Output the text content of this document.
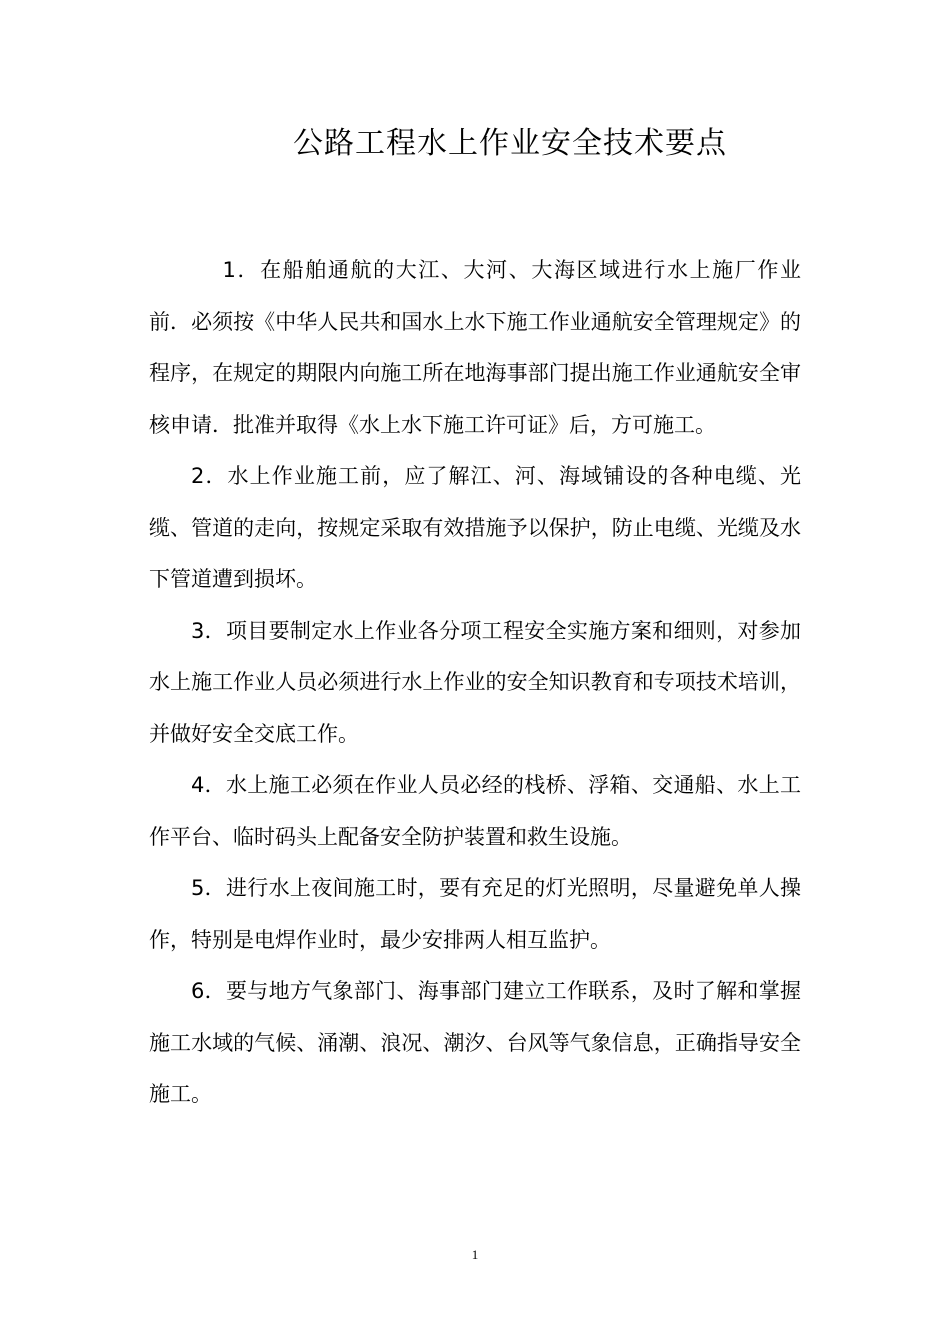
公路工程水上作业安全技术要点

1．在船舶通航的大江、大河、大海区域进行水上施厂作业前．必须按《中华人民共和国水上水下施工作业通航安全管理规定》的程序，在规定的期限内向施工所在地海事部门提出施工作业通航安全审核申请．批准并取得《水上水下施工许可证》后，方可施工。

2．水上作业施工前，应了解江、河、海域铺设的各种电缆、光缆、管道的走向，按规定采取有效措施予以保护，防止电缆、光缆及水下管道遭到损坏。

3．项目要制定水上作业各分项工程安全实施方案和细则，对参加水上施工作业人员必须进行水上作业的安全知识教育和专项技术培训，并做好安全交底工作。

4．水上施工必须在作业人员必经的栈桥、浮箱、交通船、水上工作平台、临时码头上配备安全防护装置和救生设施。

5．进行水上夜间施工时，要有充足的灯光照明，尽量避免单人操作，特别是电焊作业时，最少安排两人相互监护。

6．要与地方气象部门、海事部门建立工作联系，及时了解和掌握施工水域的气候、涌潮、浪况、潮汐、台风等气象信息，正确指导安全施工。

1
